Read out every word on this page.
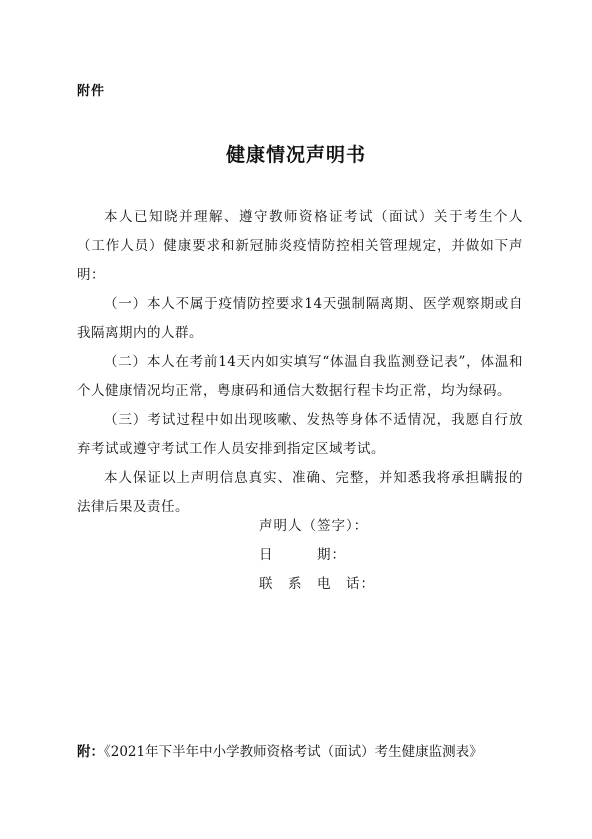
附件
健康情况声明书

本人已知晓并理解、遵守教师资格证考试（面试）关于考生个人（工作人员）健康要求和新冠肺炎疫情防控相关管理规定，并做如下声明：

（一）本人不属于疫情防控要求14天强制隔离期、医学观察期或自我隔离期内的人群。

（二）本人在考前14天内如实填写“体温自我监测登记表”，体温和个人健康情况均正常，粤康码和通信大数据行程卡均正常，均为绿码。

（三）考试过程中如出现咳嗽、发热等身体不适情况，我愿自行放弃考试或遵守考试工作人员安排到指定区域考试。

本人保证以上声明信息真实、准确、完整，并知悉我将承担瞒报的法律后果及责任。

声明人（签字）：
日　　　期：
联　系　电　话：
附：《2021年下半年中小学教师资格考试（面试）考生健康监测表》
